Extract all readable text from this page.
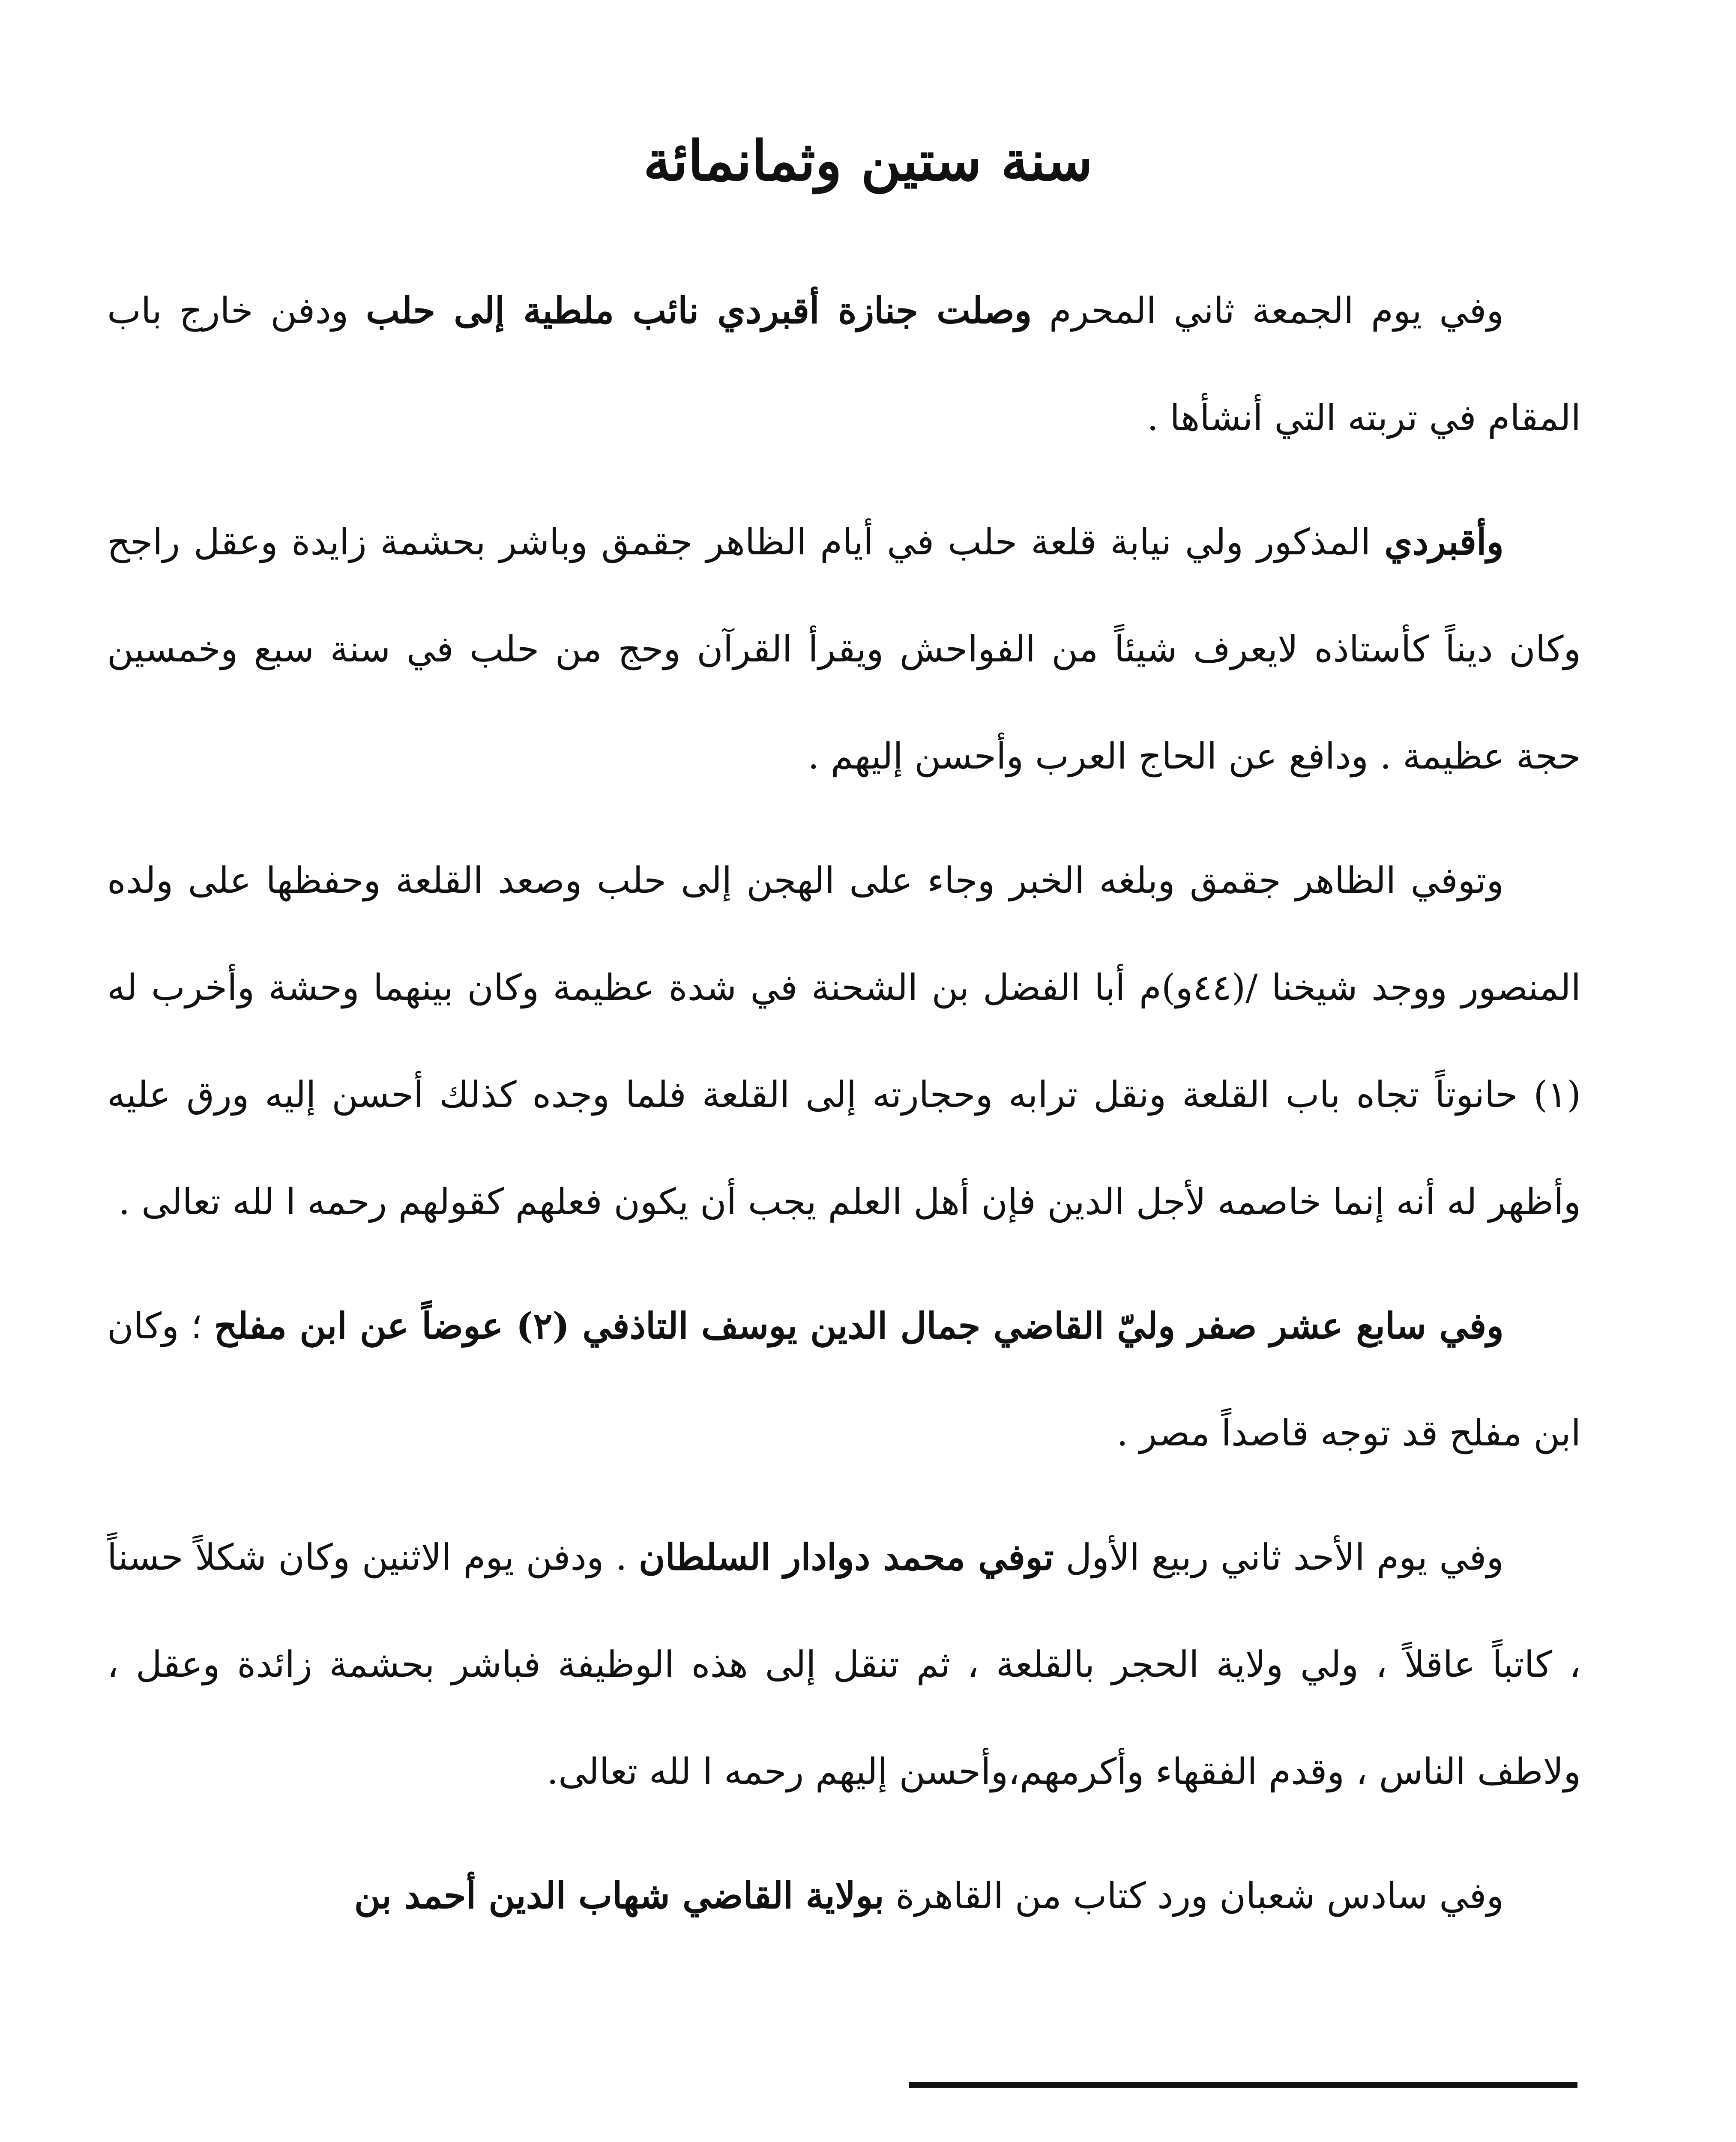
سنة ستين وثمانمائة

وفي يوم الجمعة ثاني المحرم وصلت جنازة أقبردي نائب ملطية إلى حلب ودفن خارج باب المقام في تربته التي أنشأها .

وأقبردي المذكور ولي نيابة قلعة حلب في أيام الظاهر جقمق وباشر بحشمة زايدة وعقل راجح وكان ديناً كأستاذه لايعرف شيئاً من الفواحش ويقرأ القرآن وحج من حلب في سنة سبع وخمسين حجة عظيمة . ودافع عن الحاج العرب وأحسن إليهم .

وتوفي الظاهر جقمق وبلغه الخبر وجاء على الهجن إلى حلب وصعد القلعة وحفظها على ولده المنصور ووجد شيخنا /(٤٤و)م أبا الفضل بن الشحنة في شدة عظيمة وكان بينهما وحشة وأخرب له (١) حانوتاً تجاه باب القلعة ونقل ترابه وحجارته إلى القلعة فلما وجده كذلك أحسن إليه ورق عليه وأظهر له أنه إنما خاصمه لأجل الدين فإن أهل العلم يجب أن يكون فعلهم كقولهم رحمه ا لله تعالى .

وفي سابع عشر صفر وليّ القاضي جمال الدين يوسف التاذفي (٢) عوضاً عن ابن مفلح ؛ وكان ابن مفلح قد توجه قاصداً مصر .

وفي يوم الأحد ثاني ربيع الأول توفي محمد دوادار السلطان . ودفن يوم الاثنين وكان شكلاً حسناً ، كاتباً عاقلاً ، ولي ولاية الحجر بالقلعة ، ثم تنقل إلى هذه الوظيفة فباشر بحشمة زائدة وعقل ، ولاطف الناس ، وقدم الفقهاء وأكرمهم،وأحسن إليهم رحمه ا لله تعالى.

وفي سادس شعبان ورد كتاب من القاهرة بولاية القاضي شهاب الدين أحمد بن
